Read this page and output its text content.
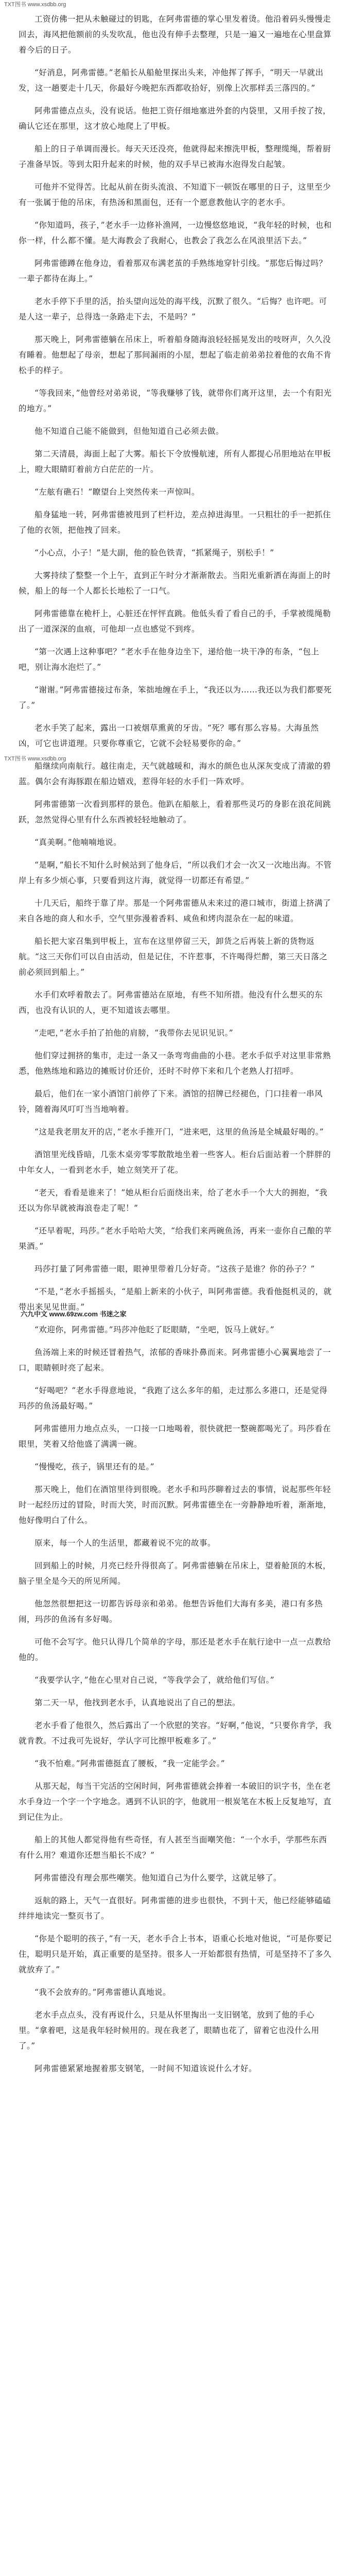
TXT图书 www.xsdbb.org

工资仿佛一把从未触碰过的钥匙，在阿弗雷德的掌心里发着烫。他沿着码头慢慢走回去，海风把他额前的头发吹乱，他也没有伸手去整理，只是一遍又一遍地在心里盘算着今后的日子。

“好消息，阿弗雷德。”老船长从船舱里探出头来，冲他挥了挥手，“明天一早就出发，这一趟要走十几天，你最好今晚把东西都收拾好，别像上次那样丢三落四的。”

阿弗雷德点点头，没有说话。他把工资仔细地塞进外套的内袋里，又用手按了按，确认它还在那里，这才放心地爬上了甲板。

船上的日子单调而漫长。每天天还没亮，他就得起来擦洗甲板，整理缆绳，帮着厨子准备早饭。等到太阳升起来的时候，他的双手早已被海水泡得发白起皱。

可他并不觉得苦。比起从前在街头流浪、不知道下一顿饭在哪里的日子，这里至少有一张属于他的吊床，有热汤和黑面包，还有一个愿意教他认字的老水手。

“你知道吗，孩子，”老水手一边修补渔网，一边慢悠悠地说，“我年轻的时候，也和你一样，什么都不懂。是大海教会了我耐心，也教会了我怎么在风浪里活下去。”

阿弗雷德蹲在他身边，看着那双布满老茧的手熟练地穿针引线。“那您后悔过吗？一辈子都待在海上。”

老水手停下手里的活，抬头望向远处的海平线，沉默了很久。“后悔？也许吧。可是人这一辈子，总得选一条路走下去，不是吗？”

那天晚上，阿弗雷德躺在吊床上，听着船身随海浪轻轻摇晃发出的吱呀声，久久没有睡着。他想起了母亲，想起了那间漏雨的小屋，想起了临走前弟弟拉着他的衣角不肯松手的样子。

“等我回来，”他曾经对弟弟说，“等我赚够了钱，就带你们离开这里，去一个有阳光的地方。”

他不知道自己能不能做到，但他知道自己必须去做。

第二天清晨，海面上起了大雾。船长下令放慢航速，所有人都提心吊胆地站在甲板上，瞪大眼睛盯着前方白茫茫的一片。

“左舷有礁石！”瞭望台上突然传来一声惊叫。

船身猛地一转，阿弗雷德被甩到了栏杆边，差点掉进海里。一只粗壮的手一把抓住了他的衣领，把他拽了回来。

“小心点，小子！”是大副，他的脸色铁青，“抓紧绳子，别松手！”

大雾持续了整整一个上午，直到正午时分才渐渐散去。当阳光重新洒在海面上的时候，船上的每一个人都长长地松了一口气。

阿弗雷德靠在桅杆上，心脏还在怦怦直跳。他低头看了看自己的手，手掌被缆绳勒出了一道深深的血痕，可他却一点也感觉不到疼。

“第一次遇上这种事吧？”老水手在他身边坐下，递给他一块干净的布条，“包上吧，别让海水泡烂了。”

“谢谢。”阿弗雷德接过布条，笨拙地缠在手上，“我还以为……我还以为我们都要死了。”

老水手笑了起来，露出一口被烟草熏黄的牙齿。“死？哪有那么容易。大海虽然凶，可它也讲道理。只要你尊重它，它就不会轻易要你的命。”

船继续向南航行。越往南走，天气就越暖和，海水的颜色也从深灰变成了清澈的碧蓝。偶尔会有海豚跟在船边嬉戏，惹得年轻的水手们一阵欢呼。

阿弗雷德第一次看到那样的景色。他趴在船舷上，看着那些灵巧的身影在浪花间跳跃，忽然觉得心里有什么东西被轻轻地触动了。

“真美啊。”他喃喃地说。

“是啊，”船长不知什么时候站到了他身后，“所以我们才会一次又一次地出海。不管岸上有多少烦心事，只要看到这片海，就觉得一切都还有希望。”

十几天后，船终于靠了岸。那是一个阿弗雷德从未来过的港口城市，街道上挤满了来自各地的商人和水手，空气里弥漫着香料、咸鱼和烤肉混杂在一起的味道。

船长把大家召集到甲板上，宣布在这里停留三天，卸货之后再装上新的货物返航。“这三天你们可以自由活动，但是记住，不许惹事，不许喝得烂醉，第三天日落之前必须回到船上。”

水手们欢呼着散去了。阿弗雷德站在原地，有些不知所措。他没有什么想买的东西，也没有认识的人，更不知道该去哪里。

“走吧，”老水手拍了拍他的肩膀，“我带你去见识见识。”

他们穿过拥挤的集市，走过一条又一条弯弯曲曲的小巷。老水手似乎对这里非常熟悉，他熟练地和路边的摊贩讨价还价，还时不时停下来和几个老熟人打招呼。

最后，他们在一家小酒馆门前停了下来。酒馆的招牌已经褪色，门口挂着一串风铃，随着海风叮叮当当地响着。

“这是我老朋友开的店，”老水手推开门，“进来吧，这里的鱼汤是全城最好喝的。”

酒馆里光线昏暗，几张木桌旁零零散散地坐着一些客人。柜台后面站着一个胖胖的中年女人，一看到老水手，她立刻笑开了花。

“老天，看看是谁来了！”她从柜台后面绕出来，给了老水手一个大大的拥抱，“我还以为你早就被海浪卷走了呢！”

“还早着呢，玛莎。”老水手哈哈大笑，“给我们来两碗鱼汤，再来一壶你自己酿的苹果酒。”

玛莎打量了阿弗雷德一眼，眼神里带着几分好奇。“这孩子是谁？你的孙子？”

“不是，”老水手摇摇头，“是船上新来的小伙子，叫阿弗雷德。我看他挺机灵的，就带出来见见世面。”

“欢迎你，阿弗雷德。”玛莎冲他眨了眨眼睛，“坐吧，饭马上就好。”

鱼汤端上来的时候还冒着热气，浓郁的香味扑鼻而来。阿弗雷德小心翼翼地尝了一口，眼睛顿时亮了起来。

“好喝吧？”老水手得意地说，“我跑了这么多年的船，走过那么多港口，还是觉得玛莎的鱼汤最好喝。”

阿弗雷德用力地点点头，一口接一口地喝着，很快就把一整碗都喝光了。玛莎看在眼里，笑着又给他盛了满满一碗。

“慢慢吃，孩子，锅里还有的是。”

那天晚上，他们在酒馆里待到很晚。老水手和玛莎聊着过去的事情，说起那些年轻时一起经历过的冒险，时而大笑，时而沉默。阿弗雷德坐在一旁静静地听着，渐渐地，他好像明白了什么。

原来，每一个人的生活里，都藏着说不完的故事。

回到船上的时候，月亮已经升得很高了。阿弗雷德躺在吊床上，望着舱顶的木板，脑子里全是今天的所见所闻。

他忽然很想把这一切都告诉母亲和弟弟。他想告诉他们大海有多美，港口有多热闹，玛莎的鱼汤有多好喝。

可他不会写字。他只认得几个简单的字母，那还是老水手在航行途中一点一点教给他的。

“我要学认字，”他在心里对自己说，“等我学会了，就给他们写信。”

第二天一早，他找到老水手，认真地说出了自己的想法。

老水手看了他很久，然后露出了一个欣慰的笑容。“好啊，”他说，“只要你肯学，我就肯教。不过我可先说好，学认字可比擦甲板难多了。”

“我不怕难。”阿弗雷德挺直了腰板，“我一定能学会。”

从那天起，每当干完活的空闲时间，阿弗雷德就会捧着一本破旧的识字书，坐在老水手身边一个字一个字地念。遇到不认识的字，他就用一根炭笔在木板上反复地写，直到记住为止。

船上的其他人都觉得他有些奇怪，有人甚至当面嘲笑他：“一个水手，学那些东西有什么用？难道你还想当船长不成？”

阿弗雷德没有理会那些嘲笑。他知道自己为什么要学，这就足够了。

返航的路上，天气一直很好。阿弗雷德的进步也很快，不到十天，他已经能够磕磕绊绊地读完一整页书了。

“你是个聪明的孩子，”有一天，老水手合上书本，语重心长地对他说，“可是你要记住，聪明只是开始，真正重要的是坚持。很多人一开始都很有热情，可是坚持不了多久就放弃了。”

“我不会放弃的。”阿弗雷德认真地说。

老水手点点头，没有再说什么，只是从怀里掏出一支旧钢笔，放到了他的手心里。“拿着吧，这是我年轻时候用的。现在我老了，眼睛也花了，留着它也没什么用了。”

阿弗雷德紧紧地握着那支钢笔，一时间不知道该说什么才好。

TXT图书 www.xsdbb.org
六九中文 www.69zw.com 书迷之家
